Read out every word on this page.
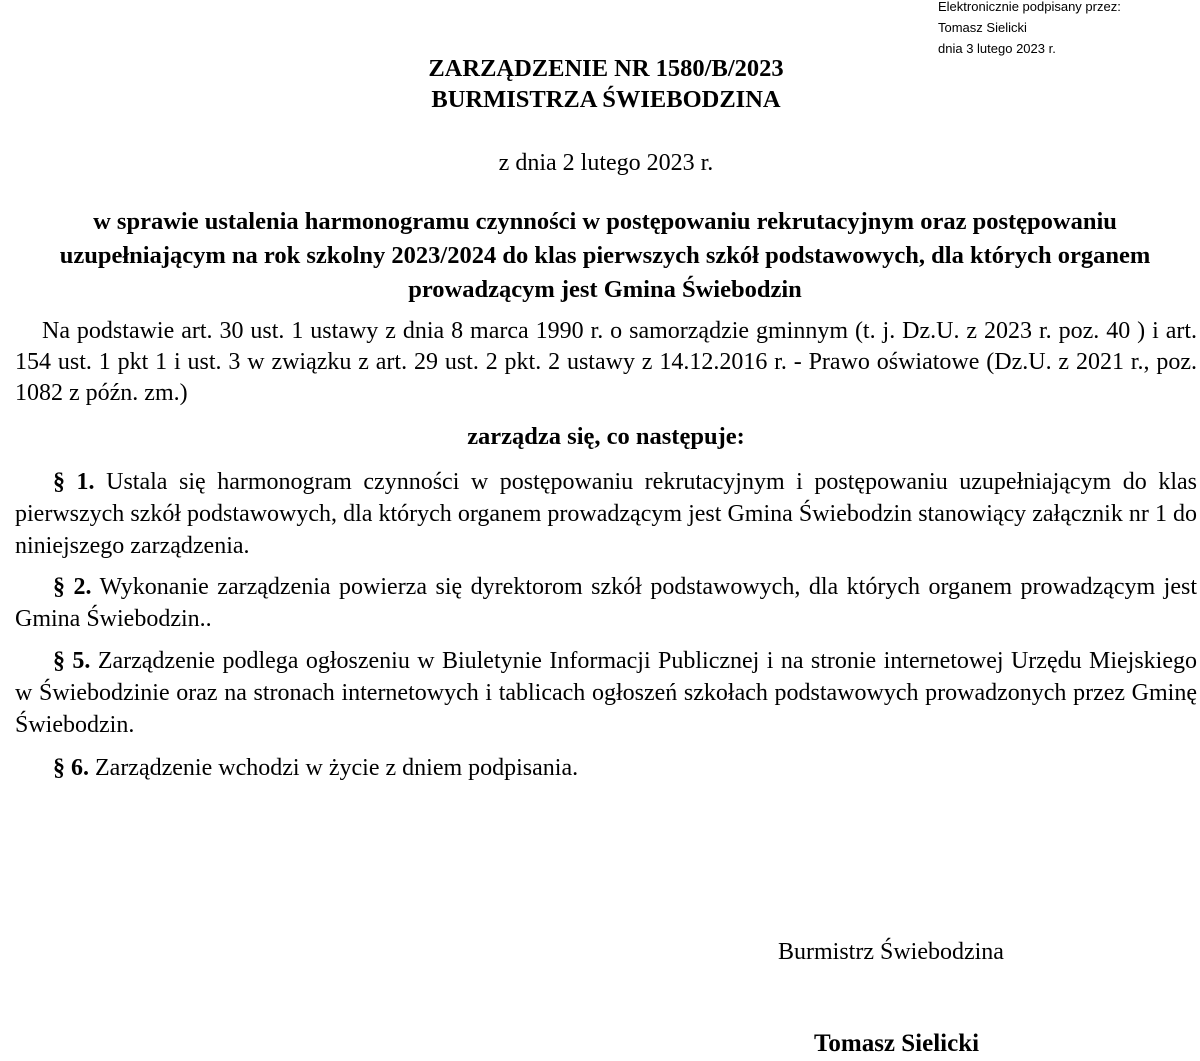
Elektronicznie podpisany przez:
Tomasz Sielicki
dnia 3 lutego 2023 r.
ZARZĄDZENIE NR 1580/B/2023
BURMISTRZA ŚWIEBODZINA
z dnia 2 lutego 2023 r.
w sprawie ustalenia harmonogramu czynności w postępowaniu rekrutacyjnym oraz postępowaniu uzupełniającym na rok szkolny 2023/2024 do klas pierwszych szkół podstawowych, dla których organem prowadzącym jest Gmina Świebodzin
Na podstawie art. 30 ust. 1 ustawy z dnia 8 marca 1990 r. o samorządzie gminnym (t. j. Dz.U. z 2023 r. poz. 40 ) i art. 154 ust. 1 pkt 1 i ust. 3 w związku z art. 29 ust. 2 pkt. 2 ustawy z 14.12.2016 r. - Prawo oświatowe (Dz.U. z 2021 r., poz. 1082 z późn. zm.)
zarządza się, co następuje:
§ 1. Ustala się harmonogram czynności w postępowaniu rekrutacyjnym i postępowaniu uzupełniającym do klas pierwszych szkół podstawowych, dla których organem prowadzącym jest Gmina Świebodzin stanowiący załącznik nr 1 do niniejszego zarządzenia.
§ 2. Wykonanie zarządzenia powierza się dyrektorom szkół podstawowych, dla których organem prowadzącym jest Gmina Świebodzin..
§ 5. Zarządzenie podlega ogłoszeniu w Biuletynie Informacji Publicznej i na stronie internetowej Urzędu Miejskiego w Świebodzinie oraz na stronach internetowych i tablicach ogłoszeń szkołach podstawowych prowadzonych przez Gminę Świebodzin.
§ 6. Zarządzenie wchodzi w życie z dniem podpisania.
Burmistrz Świebodzina
Tomasz Sielicki
